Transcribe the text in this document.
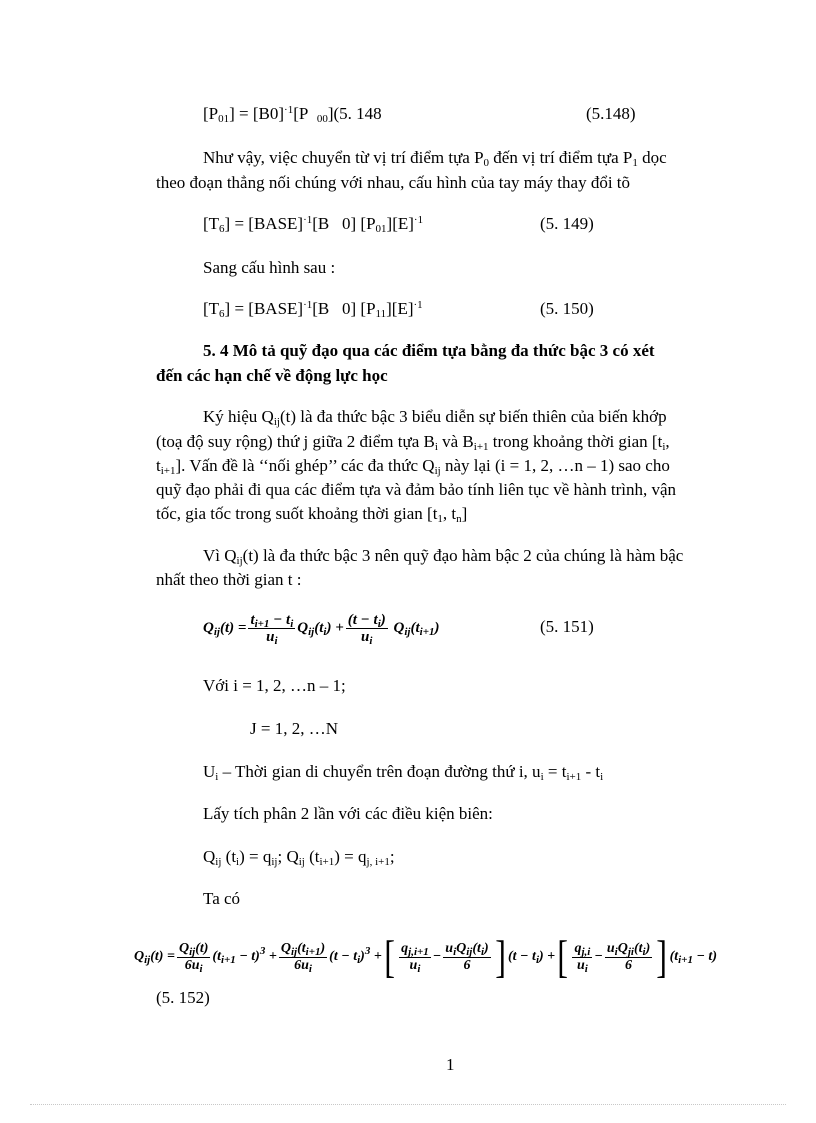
$[P_{01}] = [B0]^{\cdot 1}[P$  $_{00}$](5. 148	(5.148)
Như vậy, việc chuyển từ vị trí điểm tựa $P_0$ đến vị trí điểm tựa $P_1$ dọc
theo đoạn thẳng nối chúng với nhau, cấu hình của tay máy thay đổi tõ
$[T_6]$ = [BASE]$^{\cdot 1}$[B   0] $[P_{01}][E]^{\cdot 1}$	(5. 149)
Sang cấu hình sau :
$[T_6]$ = [BASE]$^{\cdot 1}$[B   0] $[P_{11}][E]^{\cdot 1}$	(5. 150)
5. 4 Mô tả quỹ đạo qua các điểm tựa bằng đa thức bậc 3 có xét
đến các hạn chế về động lực học
Ký hiệu $Q_{ij}(t)$ là đa thức bậc 3 biểu diễn sự biến thiên của biến khớp
(toạ độ suy rộng) thứ j giữa 2 điểm tựa $B_i$ và $B_{i+1}$ trong khoảng thời gian [$t_i$,
$t_{i+1}$]. Vấn đề là ‘‘nối ghép’’ các đa thức $Q_{ij}$ này lại (i = 1, 2, …n – 1) sao cho
quỹ đạo phải đi qua các điểm tựa và đảm bảo tính liên tục về hành trình, vận
tốc, gia tốc trong suốt khoảng thời gian [$t_1$, $t_n$]
Vì $Q_{ij}(t)$ là đa thức bậc 3 nên quỹ đạo hàm bậc 2 của chúng là hàm bậc
nhất theo thời gian t :
$Q_{ij}(t) = \frac{t_{i+1} - t_i}{u_i} Q_{ij}(t_i) + \frac{(t - t_i)}{u_i} Q_{ij}(t_{i+1})$	(5. 151)
Với i = 1, 2, …n – 1;
J = 1, 2, …N
$U_i$ – Thời gian di chuyển trên đoạn đường thứ i, $u_i = t_{i+1} - t_i$
Lấy tích phân 2 lần với các điều kiện biên:
$Q_{ij}$ $(t_i) = q_{ij}$; $Q_{ij}$ $(t_{i+1}) = q_{j, i+1}$;
Ta có
$Q_{ij}(t) = \frac{Q_{ij}(t)}{6u_i} (t_{i+1} - t)^3 + \frac{Q_{ij}(t_{i+1})}{6u_i} (t - t_i)^3$ + [ $\frac{q_{j,i+1}}{u_i} - \frac{u_iQ_{ij}(t_i)}{6}$ ] $(t - t_i)$ + [ $\frac{q_{j,i}}{u_i} - \frac{u_iQ_{ji}(t_i)}{6}$ ] $(t_{i+1} - t)$
(5. 152)
1
